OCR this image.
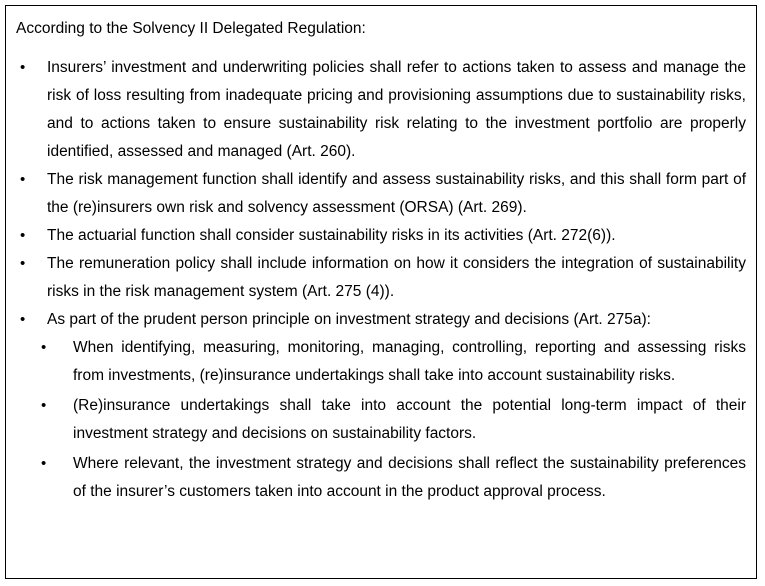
According to the Solvency II Delegated Regulation:

• Insurers’ investment and underwriting policies shall refer to actions taken to assess and manage the risk of loss resulting from inadequate pricing and provisioning assumptions due to sustainability risks, and to actions taken to ensure sustainability risk relating to the investment portfolio are properly identified, assessed and managed (Art. 260).
• The risk management function shall identify and assess sustainability risks, and this shall form part of the (re)insurers own risk and solvency assessment (ORSA) (Art. 269).
• The actuarial function shall consider sustainability risks in its activities (Art. 272(6)).
• The remuneration policy shall include information on how it considers the integration of sustainability risks in the risk management system (Art. 275 (4)).
• As part of the prudent person principle on investment strategy and decisions (Art. 275a):
• When identifying, measuring, monitoring, managing, controlling, reporting and assessing risks from investments, (re)insurance undertakings shall take into account sustainability risks.
• (Re)insurance undertakings shall take into account the potential long-term impact of their investment strategy and decisions on sustainability factors.
• Where relevant, the investment strategy and decisions shall reflect the sustainability preferences of the insurer’s customers taken into account in the product approval process.
